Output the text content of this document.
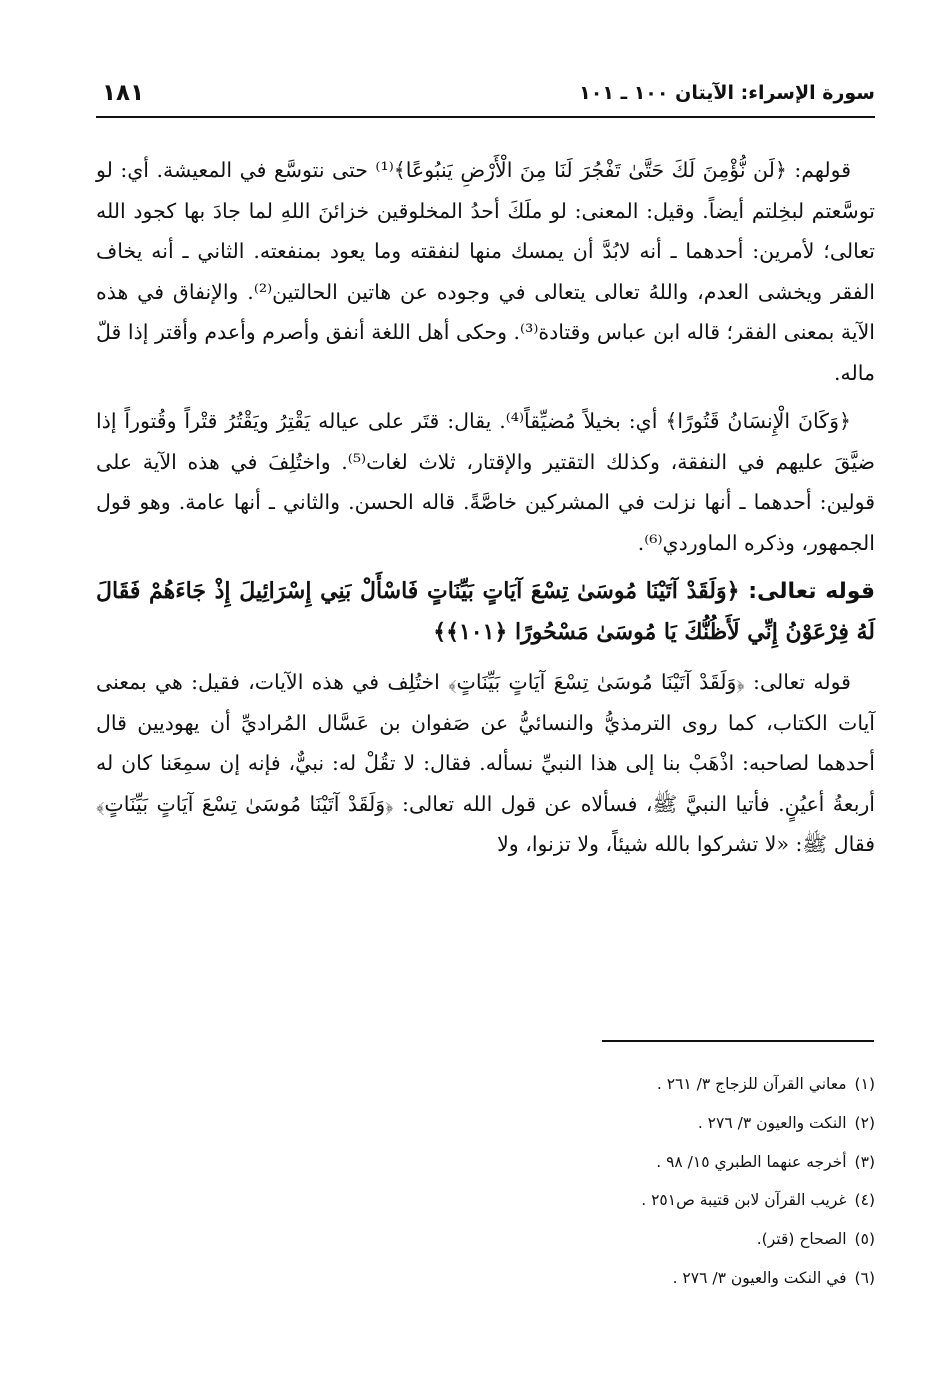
سورة الإسراء: الآيتان ١٠٠ ـ ١٠١
١٨١

قولهم: ﴿لَن نُّؤْمِنَ لَكَ حَتَّىٰ تَفْجُرَ لَنَا مِنَ الْأَرْضِ يَنبُوعًا﴾⁽¹⁾ حتى نتوسَّع في المعيشة. أي: لو توسَّعتم لبخِلتم أيضاً. وقيل: المعنى: لو ملَكَ أحدُ المخلوقين خزائنَ اللهِ لما جادَ بها كجود الله تعالى؛ لأمرين: أحدهما ـ أنه لابُدَّ أن يمسك منها لنفقته وما يعود بمنفعته. الثاني ـ أنه يخاف الفقر ويخشى العدم، واللهُ تعالى يتعالى في وجوده عن هاتين الحالتين⁽²⁾. والإنفاق في هذه الآية بمعنى الفقر؛ قاله ابن عباس وقتادة⁽³⁾. وحكى أهل اللغة أنفق وأصرم وأعدم وأقتر إذا قلّ ماله.

﴿وَكَانَ الْإِنسَانُ قَتُورًا﴾ أي: بخيلاً مُضيِّقاً⁽⁴⁾. يقال: قتَر على عياله يَقْتِرُ ويَقْتُرُ قتْراً وقُتوراً إذا ضيَّقَ عليهم في النفقة، وكذلك التقتير والإقتار، ثلاث لغات⁽⁵⁾. واختُلِفَ في هذه الآية على قولين: أحدهما ـ أنها نزلت في المشركين خاصَّةً. قاله الحسن. والثاني ـ أنها عامة. وهو قول الجمهور، وذكره الماوردي⁽⁶⁾.

قوله تعالى: ﴿وَلَقَدْ آتَيْنَا مُوسَىٰ تِسْعَ آيَاتٍ بَيِّنَاتٍ فَاسْأَلْ بَنِي إِسْرَائِيلَ إِذْ جَاءَهُمْ فَقَالَ لَهُ فِرْعَوْنُ إِنِّي لَأَظُنُّكَ يَا مُوسَىٰ مَسْحُورًا ﴿١٠١﴾﴾

قوله تعالى: ﴿وَلَقَدْ آتَيْنَا مُوسَىٰ تِسْعَ آيَاتٍ بَيِّنَاتٍ﴾ اختُلِف في هذه الآيات، فقيل: هي بمعنى آيات الكتاب، كما روى الترمذيُّ والنسائيُّ عن صَفوان بن عَسَّال المُراديِّ أن يهوديين قال أحدهما لصاحبه: اذْهَبْ بنا إلى هذا النبيِّ نسأله. فقال: لا تقُلْ له: نبيٌّ، فإنه إن سمِعَنا كان له أربعةُ أعيُنٍ. فأتيا النبيَّ ﷺ، فسألاه عن قول الله تعالى: ﴿وَلَقَدْ آتَيْنَا مُوسَىٰ تِسْعَ آيَاتٍ بَيِّنَاتٍ﴾ فقال ﷺ: «لا تشركوا بالله شيئاً، ولا تزنوا، ولا

(١)معاني القرآن للزجاج ٣/ ٢٦١ .
(٢)النكت والعيون ٣/ ٢٧٦ .
(٣)أخرجه عنهما الطبري ١٥/ ٩٨ .
(٤)غريب القرآن لابن قتيبة ص٢٥١ .
(٥)الصحاح (قتر).
(٦)في النكت والعيون ٣/ ٢٧٦ .
